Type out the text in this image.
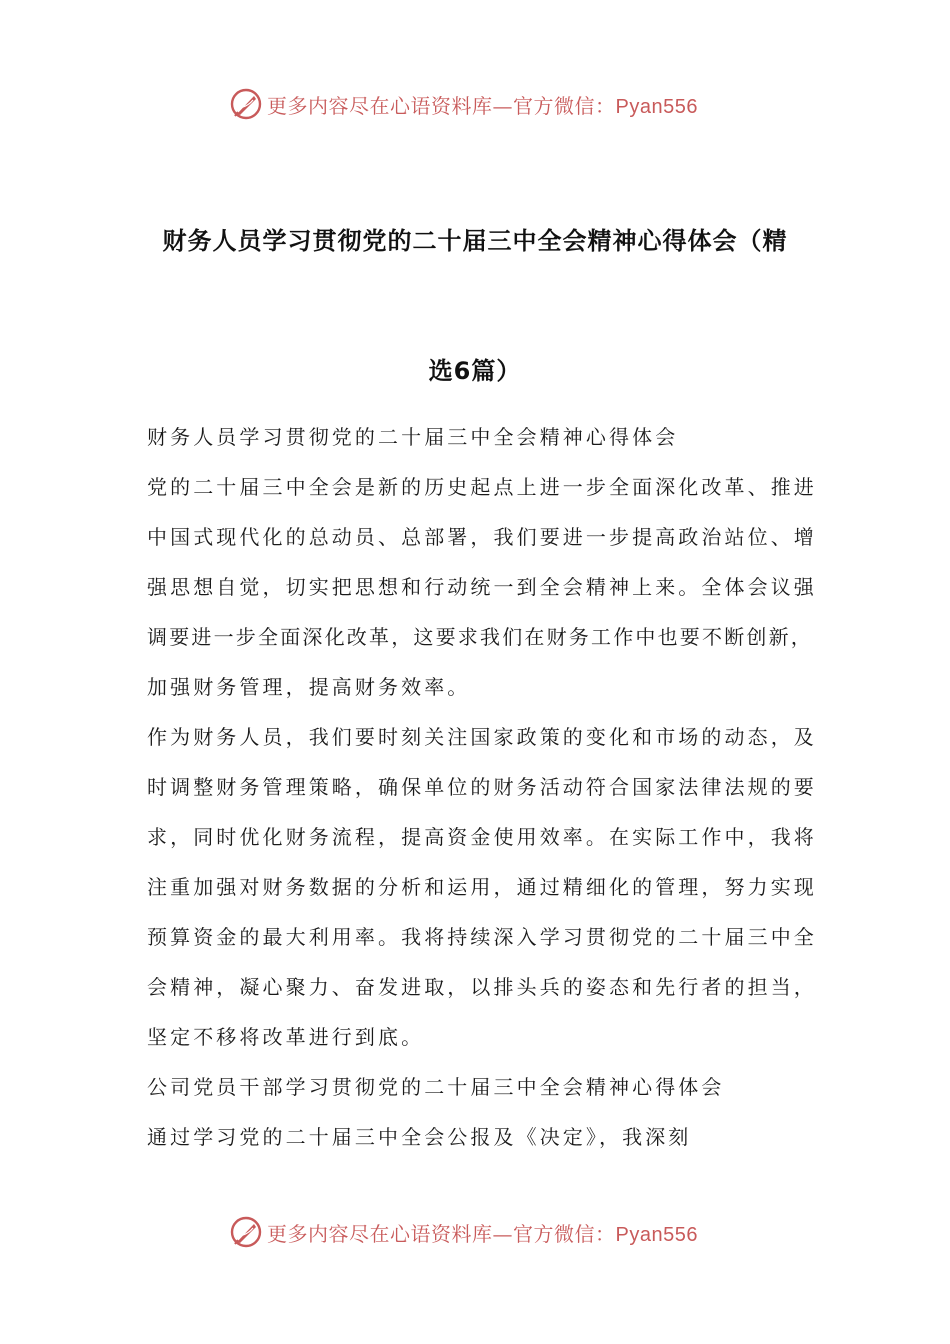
更多内容尽在心语资料库—官方微信：Pyan556
财务人员学习贯彻党的二十届三中全会精神心得体会（精
选6篇）
财务人员学习贯彻党的二十届三中全会精神心得体会
党的二十届三中全会是新的历史起点上进一步全面深化改革、推进
中国式现代化的总动员、总部署，我们要进一步提高政治站位、增
强思想自觉，切实把思想和行动统一到全会精神上来。全体会议强
调要进一步全面深化改革，这要求我们在财务工作中也要不断创新，
加强财务管理，提高财务效率。
作为财务人员，我们要时刻关注国家政策的变化和市场的动态，及
时调整财务管理策略，确保单位的财务活动符合国家法律法规的要
求，同时优化财务流程，提高资金使用效率。在实际工作中，我将
注重加强对财务数据的分析和运用，通过精细化的管理，努力实现
预算资金的最大利用率。我将持续深入学习贯彻党的二十届三中全
会精神，凝心聚力、奋发进取，以排头兵的姿态和先行者的担当，
坚定不移将改革进行到底。
公司党员干部学习贯彻党的二十届三中全会精神心得体会
通过学习党的二十届三中全会公报及《决定》，我深刻
更多内容尽在心语资料库—官方微信：Pyan556
